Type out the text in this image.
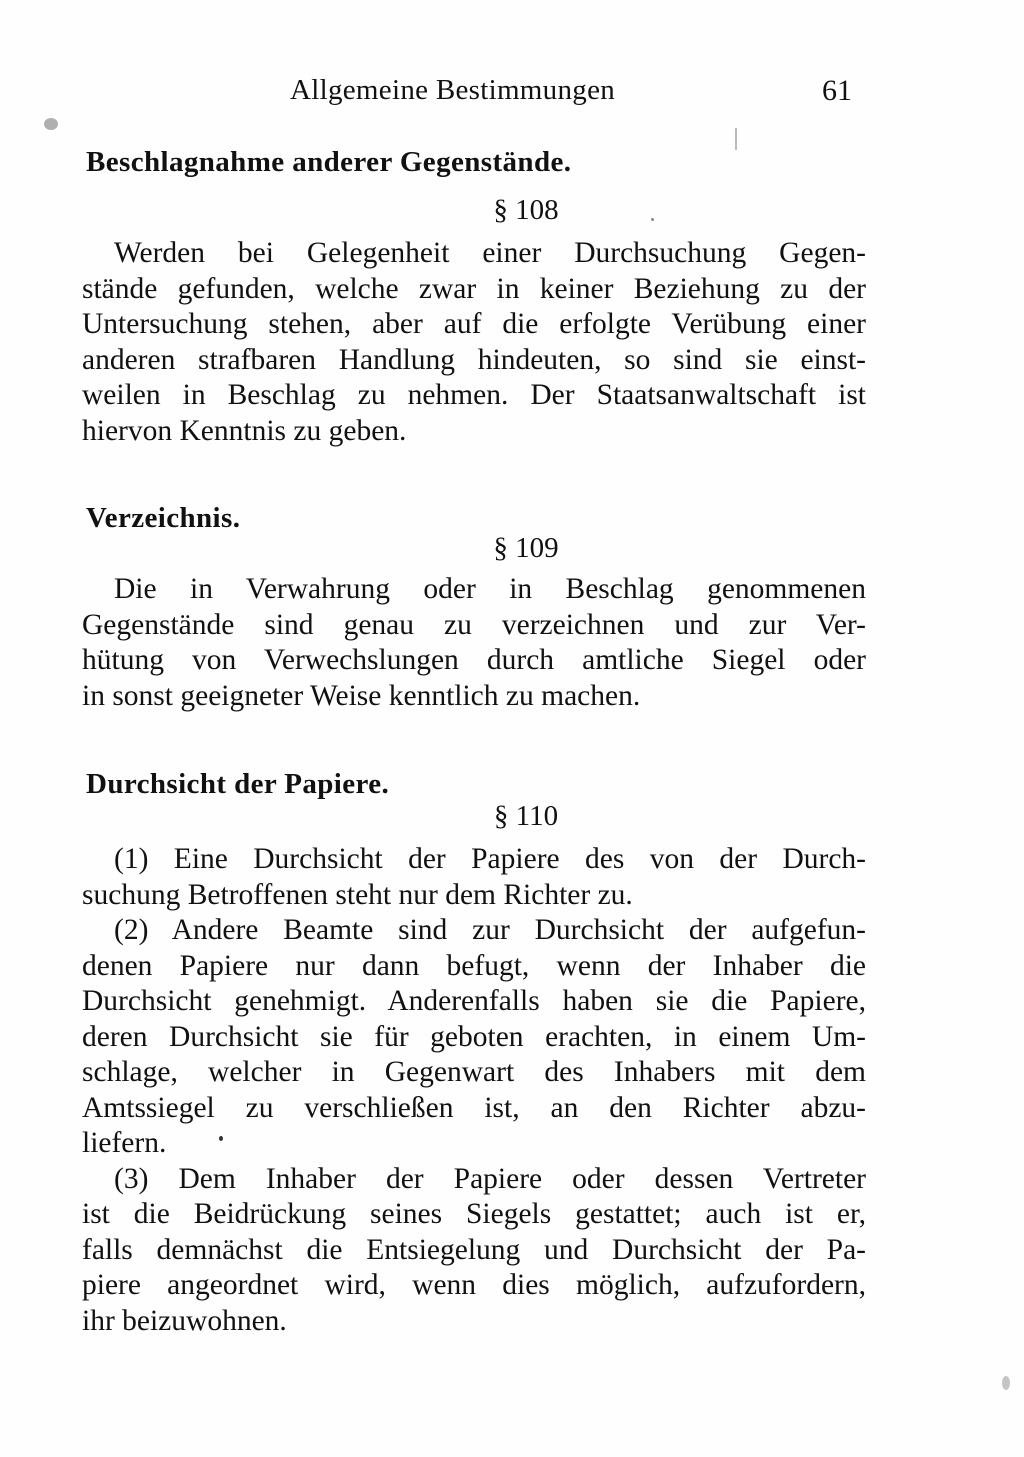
Allgemeine Bestimmungen	61
Beschlagnahme anderer Gegenstände.
§ 108
Werden bei Gelegenheit einer Durchsuchung Gegen-
stände gefunden, welche zwar in keiner Beziehung zu der
Untersuchung stehen, aber auf die erfolgte Verübung einer
anderen strafbaren Handlung hindeuten, so sind sie einst-
weilen in Beschlag zu nehmen. Der Staatsanwaltschaft ist
hiervon Kenntnis zu geben.
Verzeichnis.
§ 109
Die in Verwahrung oder in Beschlag genommenen
Gegenstände sind genau zu verzeichnen und zur Ver-
hütung von Verwechslungen durch amtliche Siegel oder
in sonst geeigneter Weise kenntlich zu machen.
Durchsicht der Papiere.
§ 110
(1) Eine Durchsicht der Papiere des von der Durch-
suchung Betroffenen steht nur dem Richter zu.
(2) Andere Beamte sind zur Durchsicht der aufgefun-
denen Papiere nur dann befugt, wenn der Inhaber die
Durchsicht genehmigt. Anderenfalls haben sie die Papiere,
deren Durchsicht sie für geboten erachten, in einem Um-
schlage, welcher in Gegenwart des Inhabers mit dem
Amtssiegel zu verschließen ist, an den Richter abzu-
liefern.
(3) Dem Inhaber der Papiere oder dessen Vertreter
ist die Beidrückung seines Siegels gestattet; auch ist er,
falls demnächst die Entsiegelung und Durchsicht der Pa-
piere angeordnet wird, wenn dies möglich, aufzufordern,
ihr beizuwohnen.
